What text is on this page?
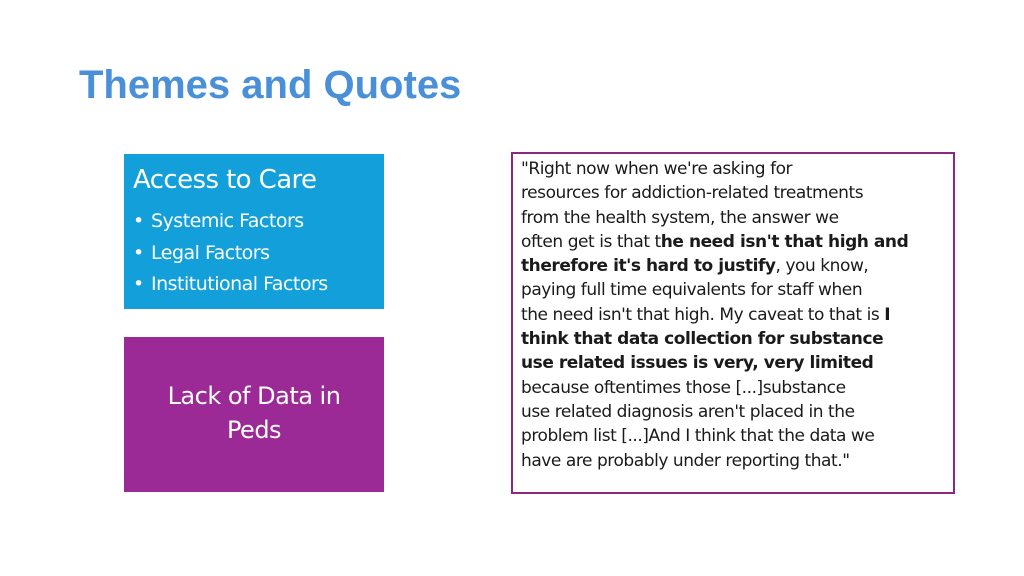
Themes and Quotes
Access to Care
• Systemic Factors
• Legal Factors
• Institutional Factors
Lack of Data in
Peds
"Right now when we're asking for
resources for addiction-related treatments
from the health system, the answer we
often get is that the need isn't that high and
therefore it's hard to justify, you know,
paying full time equivalents for staff when
the need isn't that high. My caveat to that is I
think that data collection for substance
use related issues is very, very limited
because oftentimes those [...]substance
use related diagnosis aren't placed in the
problem list [...]And I think that the data we
have are probably under reporting that."
